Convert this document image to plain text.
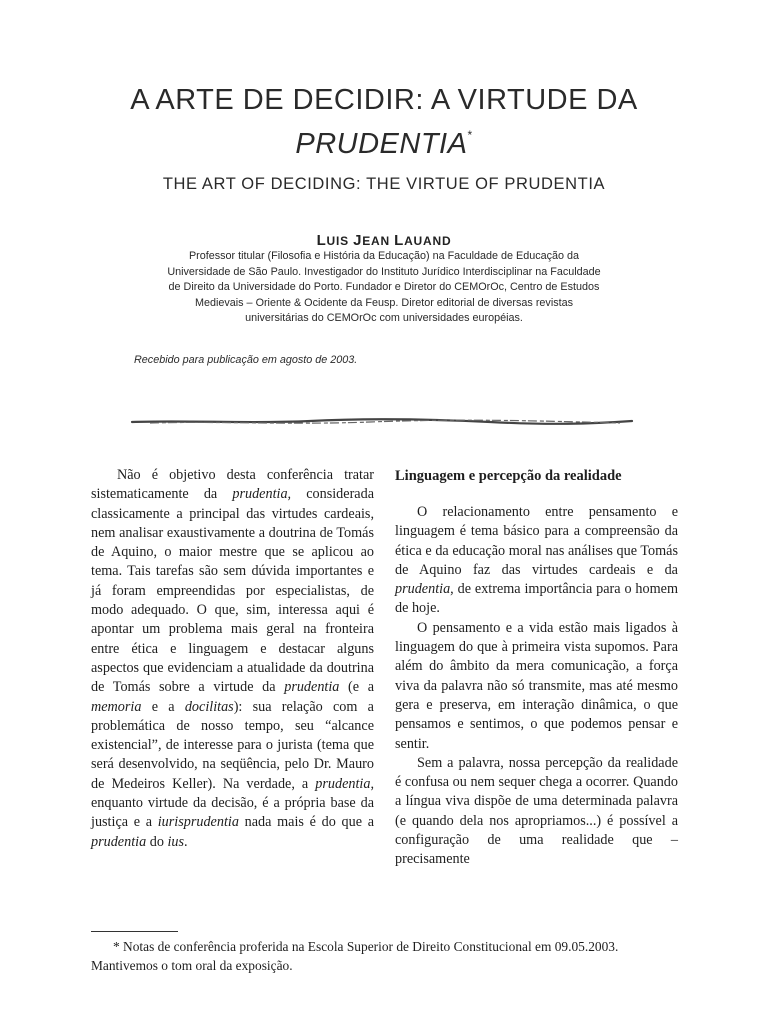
A ARTE DE DECIDIR: A VIRTUDE DA
PRUDENTIA*
THE ART OF DECIDING: THE VIRTUE OF PRUDENTIA
LUIS JEAN LAUAND
Professor titular (Filosofia e História da Educação) na Faculdade de Educação da
Universidade de São Paulo. Investigador do Instituto Jurídico Interdisciplinar na Faculdade
de Direito da Universidade do Porto. Fundador e Diretor do CEMOrOc, Centro de Estudos
Medievais – Oriente & Ocidente da Feusp. Diretor editorial de diversas revistas
universitárias do CEMOrOc com universidades européias.
Recebido para publicação em agosto de 2003.

Não é objetivo desta conferência tratar sistematicamente da prudentia, considerada classicamente a principal das virtudes cardeais, nem analisar exaustivamente a doutrina de Tomás de Aquino, o maior mestre que se aplicou ao tema. Tais tarefas são sem dúvida importantes e já foram empreendidas por especialistas, de modo adequado. O que, sim, interessa aqui é apontar um problema mais geral na fronteira entre ética e linguagem e destacar alguns aspectos que evidenciam a atualidade da doutrina de Tomás sobre a virtude da prudentia (e a memoria e a docilitas): sua relação com a problemática de nosso tempo, seu “alcance existencial”, de interesse para o jurista (tema que será desenvolvido, na seqüência, pelo Dr. Mauro de Medeiros Keller). Na verdade, a prudentia, enquanto virtude da decisão, é a própria base da justiça e a iurisprudentia nada mais é do que a prudentia do ius.

Linguagem e percepção da realidade

O relacionamento entre pensamento e linguagem é tema básico para a compreensão da ética e da educação moral nas análises que Tomás de Aquino faz das virtudes cardeais e da prudentia, de extrema importância para o homem de hoje.

O pensamento e a vida estão mais ligados à linguagem do que à primeira vista supomos. Para além do âmbito da mera comunicação, a força viva da palavra não só transmite, mas até mesmo gera e preserva, em interação dinâmica, o que pensamos e sentimos, o que podemos pensar e sentir.

Sem a palavra, nossa percepção da realidade é confusa ou nem sequer chega a ocorrer. Quando a língua viva dispõe de uma determinada palavra (e quando dela nos apropriamos...) é possível a configuração de uma realidade que – precisamente

* Notas de conferência proferida na Escola Superior de Direito Constitucional em 09.05.2003.
Mantivemos o tom oral da exposição.
